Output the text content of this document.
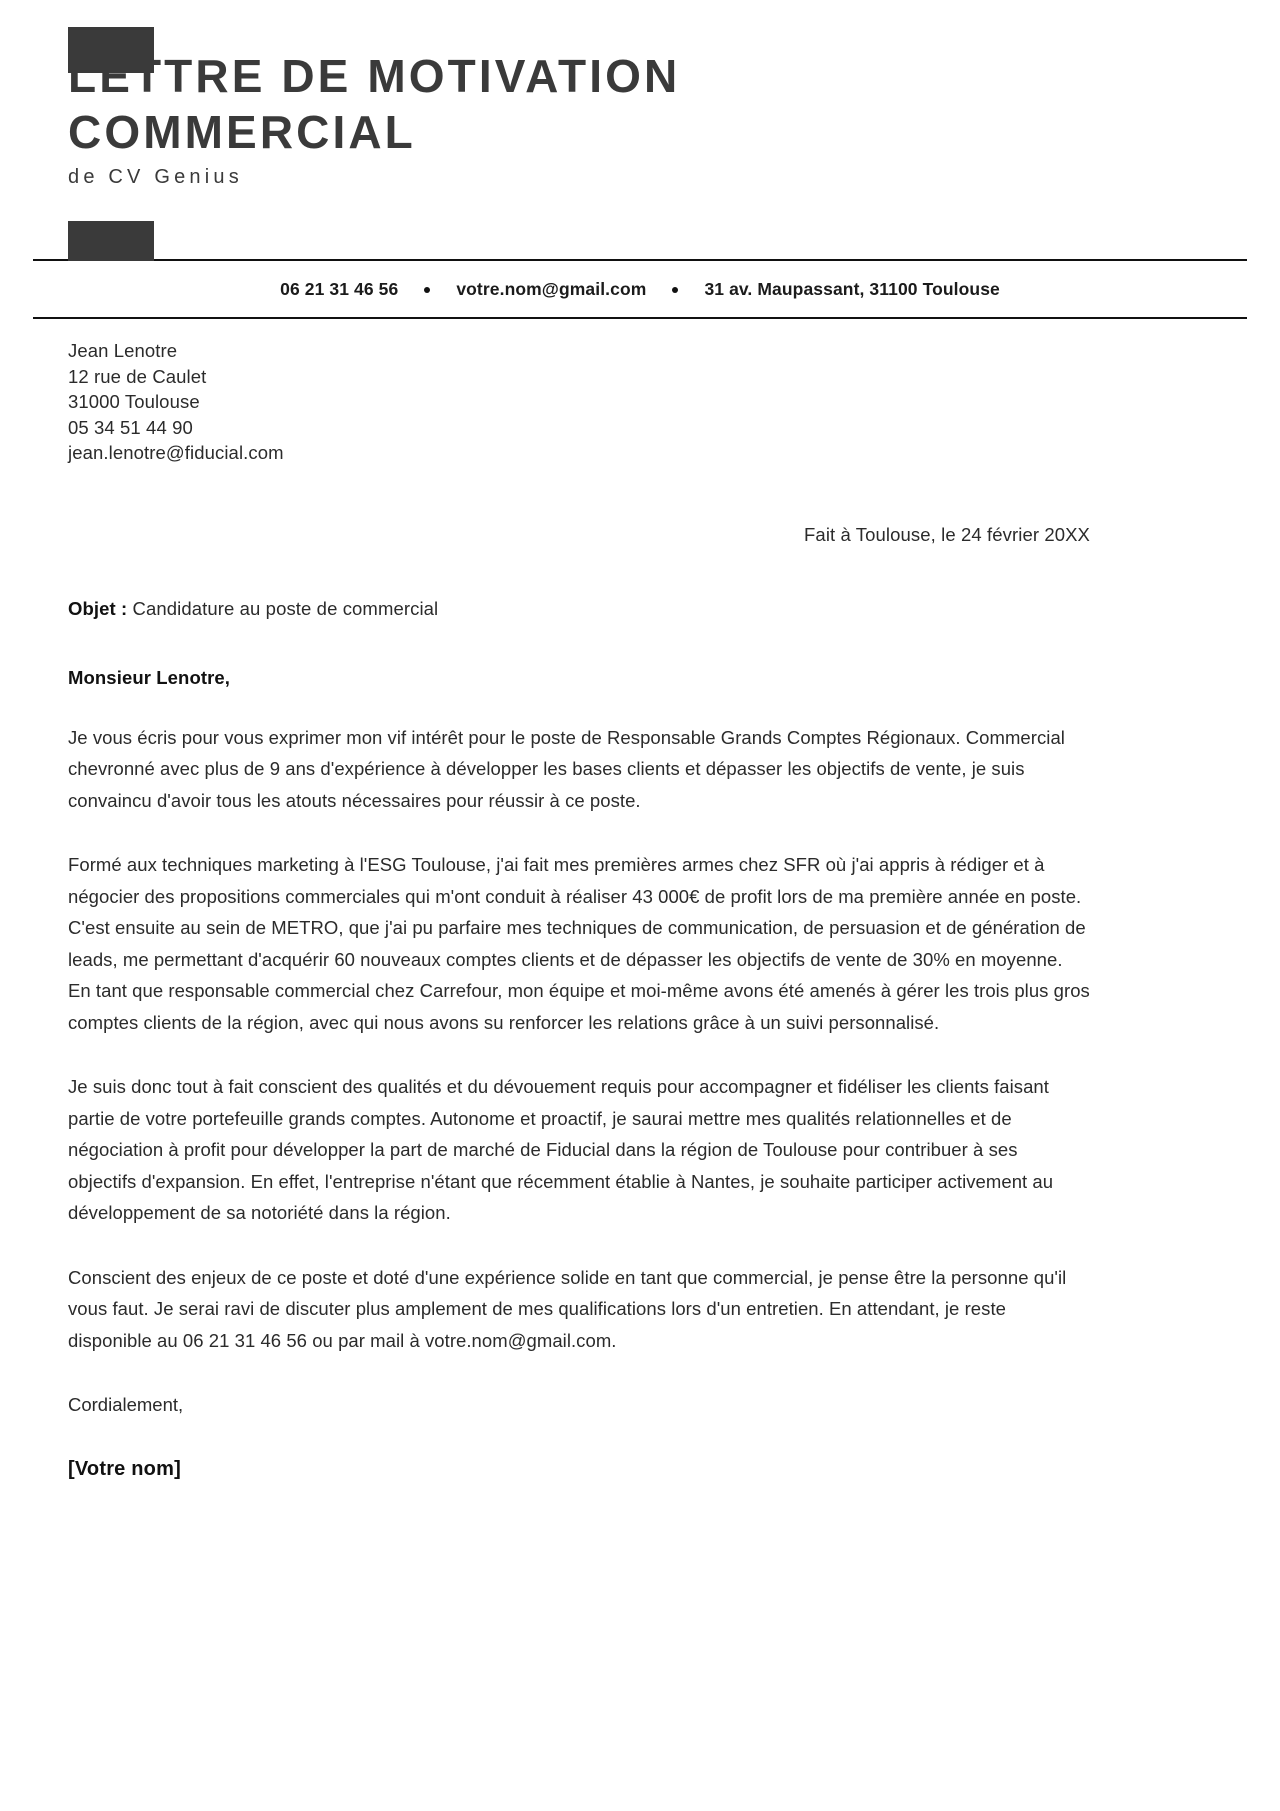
LETTRE DE MOTIVATION COMMERCIAL
de CV Genius
06 21 31 46 56	votre.nom@gmail.com	31 av. Maupassant, 31100 Toulouse
Jean Lenotre
12 rue de Caulet
31000 Toulouse
05 34 51 44 90
jean.lenotre@fiducial.com
Fait à Toulouse, le 24 février 20XX
Objet : Candidature au poste de commercial
Monsieur Lenotre,

Je vous écris pour vous exprimer mon vif intérêt pour le poste de Responsable Grands Comptes Régionaux. Commercial chevronné avec plus de 9 ans d'expérience à développer les bases clients et dépasser les objectifs de vente, je suis convaincu d'avoir tous les atouts nécessaires pour réussir à ce poste.

Formé aux techniques marketing à l'ESG Toulouse, j'ai fait mes premières armes chez SFR où j'ai appris à rédiger et à négocier des propositions commerciales qui m'ont conduit à réaliser 43 000€ de profit lors de ma première année en poste. C'est ensuite au sein de METRO, que j'ai pu parfaire mes techniques de communication, de persuasion et de génération de leads, me permettant d'acquérir 60 nouveaux comptes clients et de dépasser les objectifs de vente de 30% en moyenne. En tant que responsable commercial chez Carrefour, mon équipe et moi-même avons été amenés à gérer les trois plus gros comptes clients de la région, avec qui nous avons su renforcer les relations grâce à un suivi personnalisé.

Je suis donc tout à fait conscient des qualités et du dévouement requis pour accompagner et fidéliser les clients faisant partie de votre portefeuille grands comptes. Autonome et proactif, je saurai mettre mes qualités relationnelles et de négociation à profit pour développer la part de marché de Fiducial dans la région de Toulouse pour contribuer à ses objectifs d'expansion. En effet, l'entreprise n'étant que récemment établie à Nantes, je souhaite participer activement au développement de sa notoriété dans la région.

Conscient des enjeux de ce poste et doté d'une expérience solide en tant que commercial, je pense être la personne qu'il vous faut. Je serai ravi de discuter plus amplement de mes qualifications lors d'un entretien. En attendant, je reste disponible au 06 21 31 46 56 ou par mail à votre.nom@gmail.com.

Cordialement,
[Votre nom]
